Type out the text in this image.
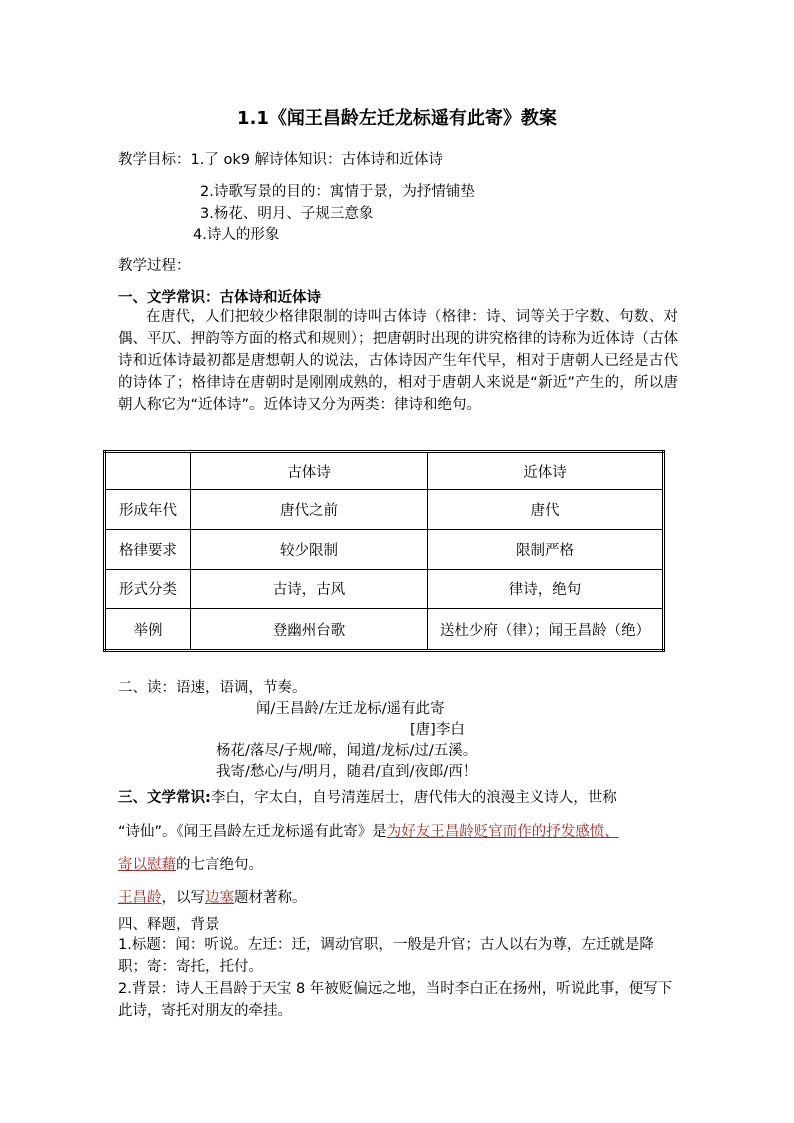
1.1《闻王昌龄左迁龙标遥有此寄》教案
教学目标：1.了 ok9 解诗体知识：古体诗和近体诗
2.诗歌写景的目的：寓情于景，为抒情铺垫
3.杨花、明月、子规三意象
4.诗人的形象
教学过程：
一、文学常识：古体诗和近体诗
在唐代，人们把较少格律限制的诗叫古体诗（格律：诗、词等关于字数、句数、对偶、平仄、押韵等方面的格式和规则）；把唐朝时出现的讲究格律的诗称为近体诗（古体诗和近体诗最初都是唐想朝人的说法，古体诗因产生年代早，相对于唐朝人已经是古代的诗体了；格律诗在唐朝时是刚刚成熟的，相对于唐朝人来说是“新近”产生的，所以唐朝人称它为“近体诗”。近体诗又分为两类：律诗和绝句。
	古体诗	近体诗
形成年代	唐代之前	唐代
格律要求	较少限制	限制严格
形式分类	古诗，古风	律诗，绝句
举例	登幽州台歌	送杜少府（律）；闻王昌龄（绝）
二、读：语速，语调，节奏。
闻/王昌龄/左迁龙标/遥有此寄
[唐]李白
杨花/落尽/子规/啼，闻道/龙标/过/五溪。
我寄/愁心/与/明月，随君/直到/夜郎/西！
三、文学常识:李白，字太白，自号清莲居士，唐代伟大的浪漫主义诗人，世称
“诗仙”。《闻王昌龄左迁龙标遥有此寄》是为好友王昌龄贬官而作的抒发感愤、
寄以慰藉的七言绝句。
王昌龄，以写边塞题材著称。
四、释题，背景
1.标题：闻：听说。左迁：迁，调动官职，一般是升官；古人以右为尊，左迁就是降职；寄：寄托，托付。
2.背景：诗人王昌龄于天宝 8 年被贬偏远之地，当时李白正在扬州，听说此事，便写下此诗，寄托对朋友的牵挂。
